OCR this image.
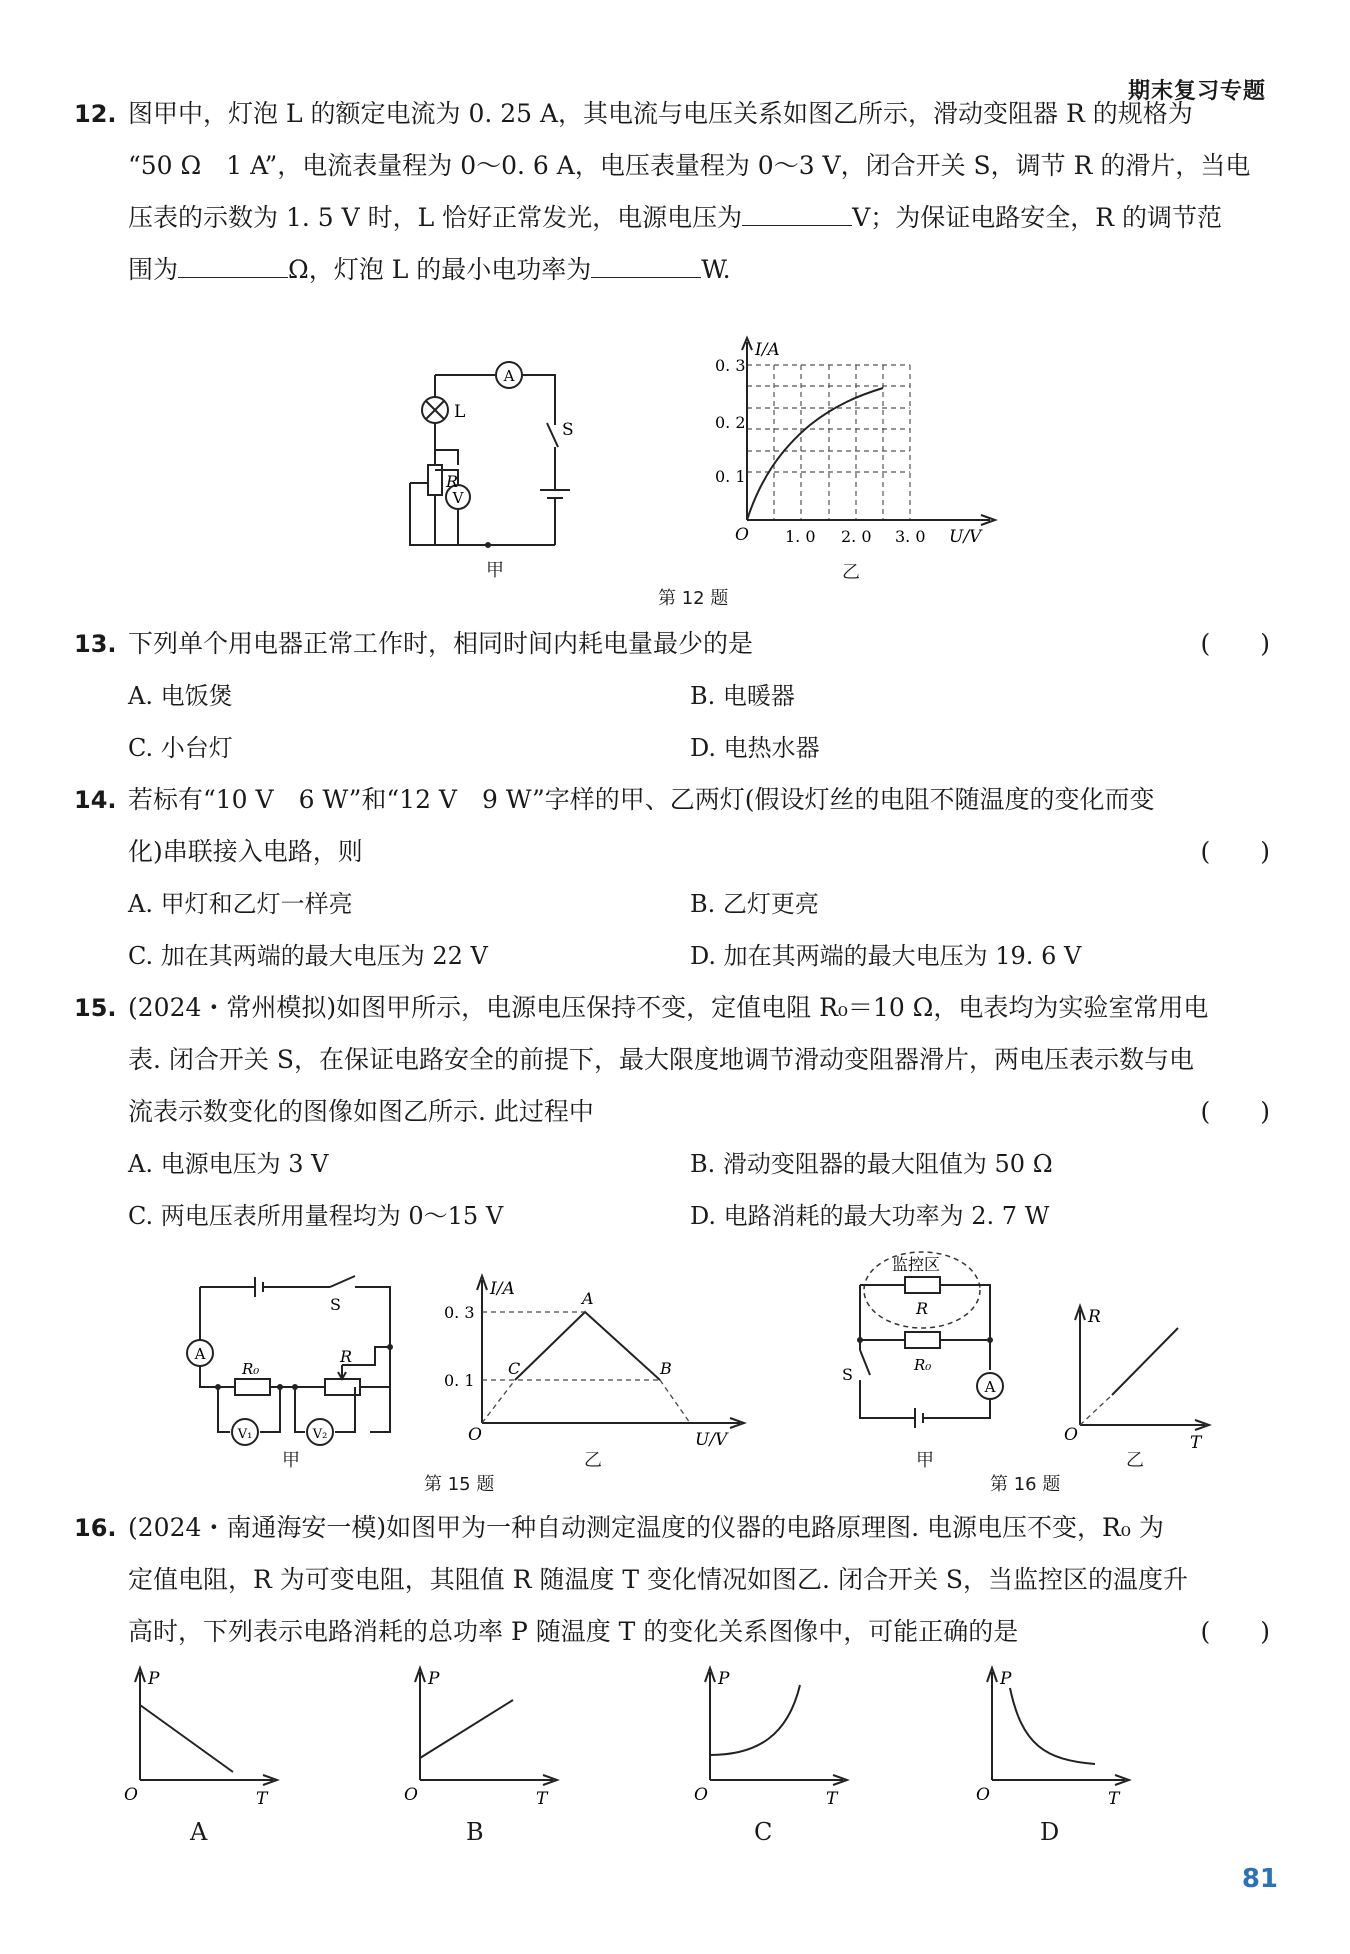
期末复习专题
12. 图甲中，灯泡 L 的额定电流为 0. 25 A，其电流与电压关系如图乙所示，滑动变阻器 R 的规格为
“50 Ω　1 A”，电流表量程为 0～0. 6 A，电压表量程为 0～3 V，闭合开关 S，调节 R 的滑片，当电
压表的示数为 1. 5 V 时，L 恰好正常发光，电源电压为	V；为保证电路安全，R 的调节范
围为	Ω，灯泡 L 的最小电功率为	W.
A
L
R
V
S
甲
I/A
0. 3
0. 2
0. 1
O 1. 0 2. 0 3. 0 U/V
乙
第 12 题
13. 下列单个用电器正常工作时，相同时间内耗电量最少的是	(　　)
A. 电饭煲	B. 电暖器
C. 小台灯	D. 电热水器
14. 若标有“10 V　6 W”和“12 V　9 W”字样的甲、乙两灯(假设灯丝的电阻不随温度的变化而变
化)串联接入电路，则	(　　)
A. 甲灯和乙灯一样亮	B. 乙灯更亮
C. 加在其两端的最大电压为 22 V	D. 加在其两端的最大电压为 19. 6 V
15. (2024・常州模拟)如图甲所示，电源电压保持不变，定值电阻 R₀＝10 Ω，电表均为实验室常用电
表. 闭合开关 S，在保证电路安全的前提下，最大限度地调节滑动变阻器滑片，两电压表示数与电
流表示数变化的图像如图乙所示. 此过程中	(　　)
A. 电源电压为 3 V	B. 滑动变阻器的最大阻值为 50 Ω
C. 两电压表所用量程均为 0～15 V	D. 电路消耗的最大功率为 2. 7 W
A
R₀
R
S
V₁	V₂
甲
I/A
0. 3
0. 1
O	U/V
A
B
C
乙
第 15 题
监控区
R
R₀
S
A
甲
R
O	T
乙
第 16 题
16. (2024・南通海安一模)如图甲为一种自动测定温度的仪器的电路原理图. 电源电压不变，R₀ 为
定值电阻，R 为可变电阻，其阻值 R 随温度 T 变化情况如图乙. 闭合开关 S，当监控区的温度升
高时，下列表示电路消耗的总功率 P 随温度 T 的变化关系图像中，可能正确的是	(　　)
P
O	T
A
P
O	T
B
P
O	T
C
P
O	T
D
81
